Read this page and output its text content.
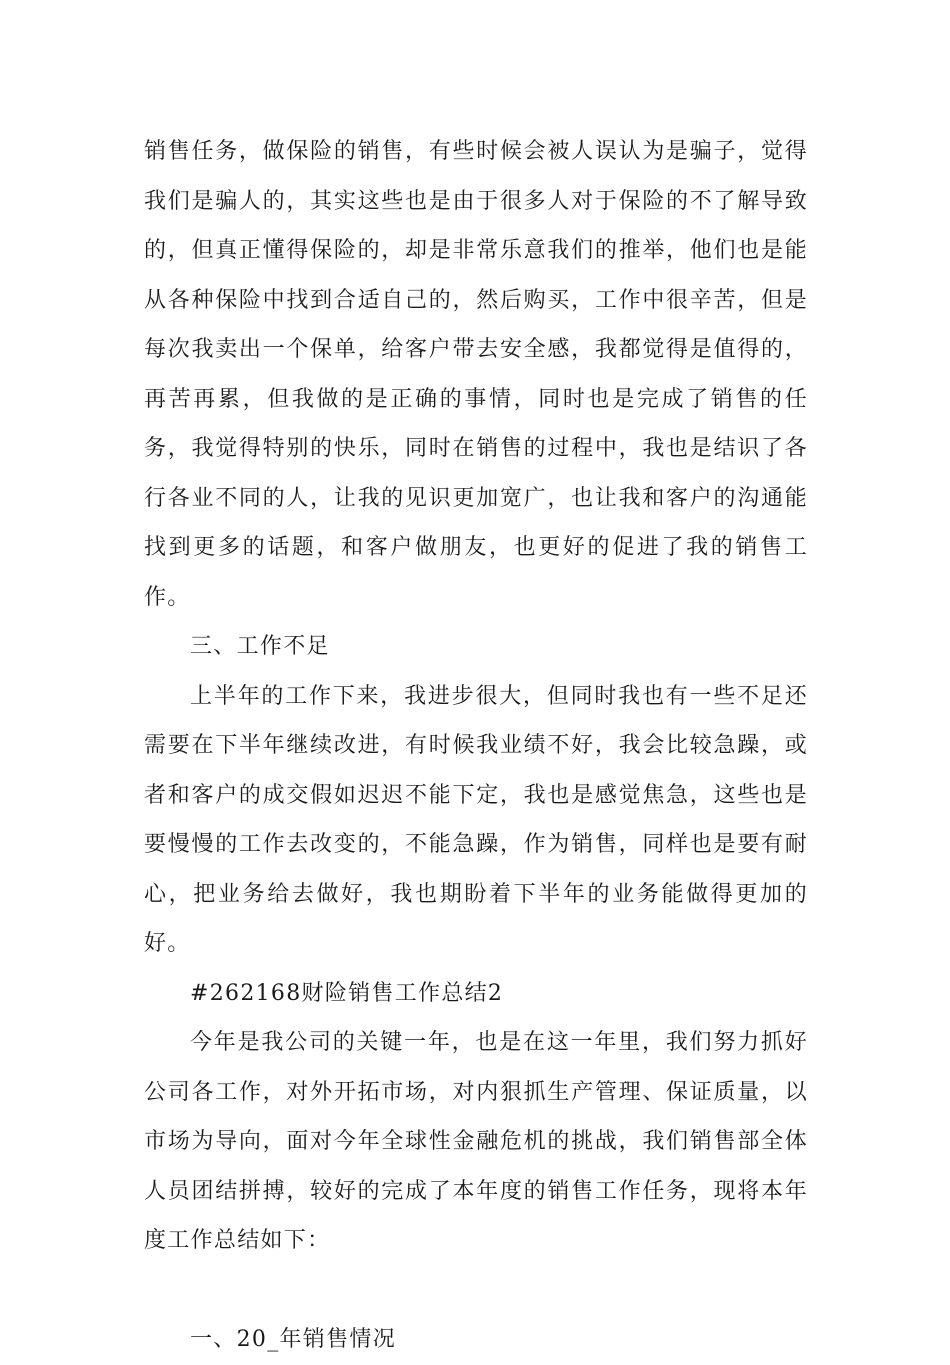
销售任务，做保险的销售，有些时候会被人误认为是骗子，觉得我们是骗人的，其实这些也是由于很多人对于保险的不了解导致的，但真正懂得保险的，却是非常乐意我们的推举，他们也是能从各种保险中找到合适自己的，然后购买，工作中很辛苦，但是每次我卖出一个保单，给客户带去安全感，我都觉得是值得的，再苦再累，但我做的是正确的事情，同时也是完成了销售的任务，我觉得特别的快乐，同时在销售的过程中，我也是结识了各行各业不同的人，让我的见识更加宽广，也让我和客户的沟通能找到更多的话题，和客户做朋友，也更好的促进了我的销售工作。

三、工作不足

上半年的工作下来，我进步很大，但同时我也有一些不足还需要在下半年继续改进，有时候我业绩不好，我会比较急躁，或者和客户的成交假如迟迟不能下定，我也是感觉焦急，这些也是要慢慢的工作去改变的，不能急躁，作为销售，同样也是要有耐心，把业务给去做好，我也期盼着下半年的业务能做得更加的好。

#262168财险销售工作总结2

今年是我公司的关键一年，也是在这一年里，我们努力抓好公司各工作，对外开拓市场，对内狠抓生产管理、保证质量，以市场为导向，面对今年全球性金融危机的挑战，我们销售部全体人员团结拼搏，较好的完成了本年度的销售工作任务，现将本年度工作总结如下：

一、20_年销售情况
